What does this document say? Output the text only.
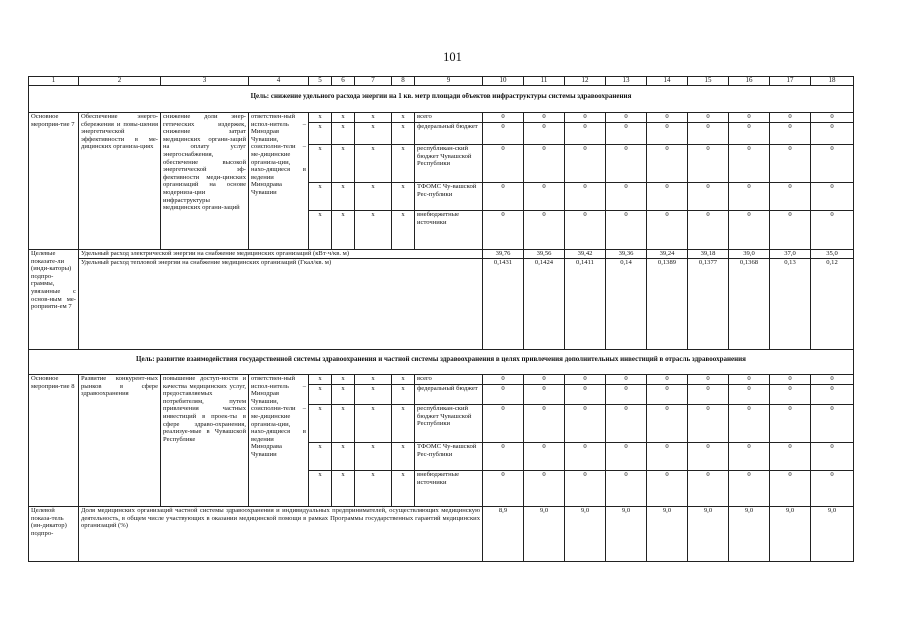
101
1	2	3	4	5	6	7	8	9	10	11	12	13	14	15	16	17	18

Цель: снижение удельного расхода энергии на 1 кв. метр площади объектов инфраструктуры системы здравоохранения																	

Основное мероприя-тие 7	Обеспечение энерго-сбережения и повы-шения энергетической эффективности в ме-дицинских организа-циях	снижение доли энер-гетических издержек, снижение затрат медицинских органи-заций на оплату услуг энергоснабжения, обеспечение высокой энергетической эф-фективности меди-цинских организаций на основе модерниза-ции инфраструктуры медицинских органи-заций	ответствен-ный испол-нитель – Минздрав Чувашии, соисполни-тели – ме-дицинские организа-ции, нахо-дящиеся в ведении Минздрава Чувашии	x	x	x	x	всего	0	0	0	0	0	0	0	0	0
				x	x	x	x	федеральный бюджет	0	0	0	0	0	0	0	0	0
				x	x	x	x	республикан-ский бюджет Чувашской Республики	0	0	0	0	0	0	0	0	0
				x	x	x	x	ТФОМС Чу-вашской Рес-публики	0	0	0	0	0	0	0	0	0
				x	x	x	x	внебюджетные источники	0	0	0	0	0	0	0	0	0
Целевые показате-ли (инди-каторы) подпро-граммы, увязанные с основ-ным ме-роприяти-ем 7	Удельный расход электрической энергии на снабжение медицинских организаций (кВт·ч/кв. м)								39,76	39,56	39,42	39,36	39,24	39,18	39,0	37,0	35,0
	Удельный расход тепловой энергии на снабжение медицинских организаций (Гкал/кв. м)								0,1431	0,1424	0,1411	0,14	0,1389	0,1377	0,1368	0,13	0,12

Цель: развитие взаимодействия государственной системы здравоохранения и частной системы здравоохранения в целях привлечения дополнительных инвестиций в отрасль здравоохранения																	

Основное мероприя-тие 8	Развитие конкурент-ных рынков в сфере здравоохранения	повышение доступ-ности и качества медицинских услуг, предоставляемых потребителям, путем привлечения частных инвестиций в проек-ты в сфере здраво-охранения, реализуе-мые в Чувашской Республике	ответствен-ный испол-нитель – Минздрав Чувашии, соисполни-тели – ме-дицинские организа-ции, нахо-дящиеся в ведении Минздрава Чувашии	x	x	x	x	всего	0	0	0	0	0	0	0	0	0
				x	x	x	x	федеральный бюджет	0	0	0	0	0	0	0	0	0
				x	x	x	x	республикан-ский бюджет Чувашской Республики	0	0	0	0	0	0	0	0	0
				x	x	x	x	ТФОМС Чу-вашской Рес-публики	0	0	0	0	0	0	0	0	0
				x	x	x	x	внебюджетные источники	0	0	0	0	0	0	0	0	0
Целевой показа-тель (ин-дикатор) подпро-	Доля медицинских организаций частной системы здравоохранения и индивидуальных предпринимателей, осуществляющих медицинскую деятельность, в общем числе участвующих в оказании медицинской помощи в рамках Программы государственных гарантий медицинских организаций (%)								8,9	9,0	9,0	9,0	9,0	9,0	9,0	9,0	9,0
